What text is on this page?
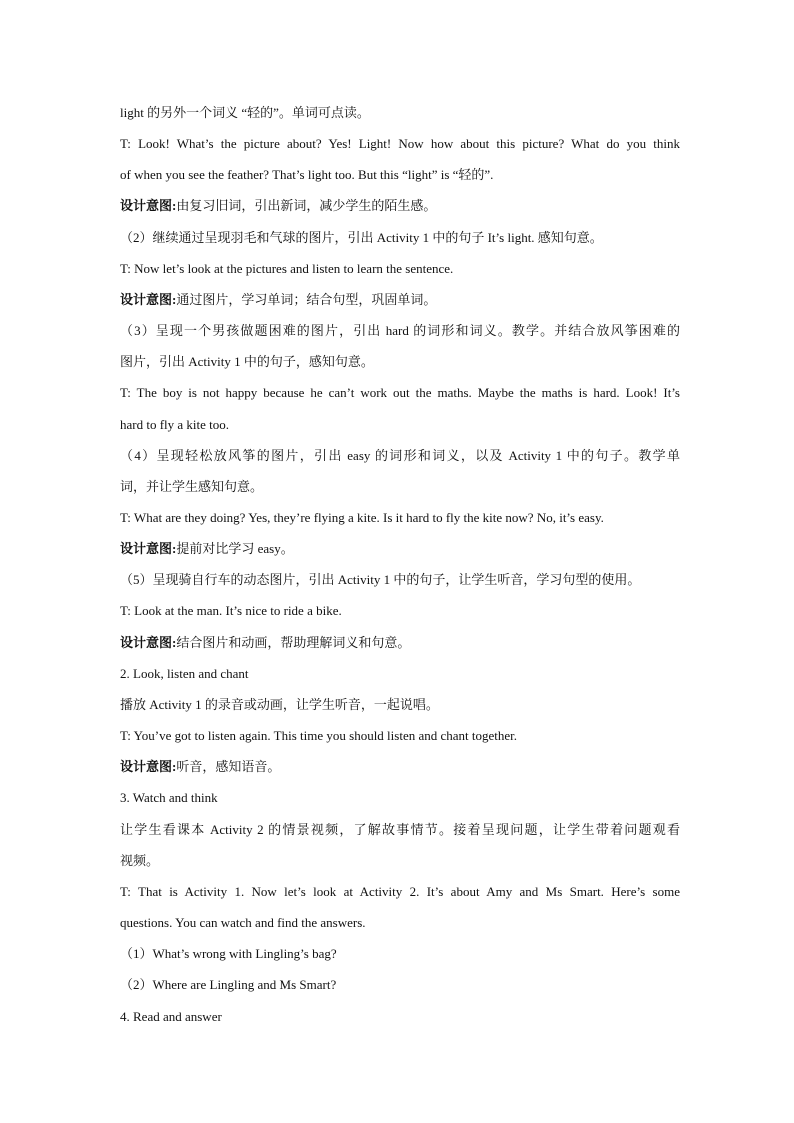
light 的另外一个词义 “轻的”。单词可点读。
T: Look! What’s the picture about? Yes! Light! Now how about this picture? What do you think
of when you see the feather? That’s light too. But this “light” is “轻的”.
设计意图:由复习旧词，引出新词，减少学生的陌生感。
（2）继续通过呈现羽毛和气球的图片，引出 Activity 1 中的句子 It’s light. 感知句意。
T: Now let’s look at the pictures and listen to learn the sentence.
设计意图:通过图片，学习单词；结合句型，巩固单词。
（3）呈现一个男孩做题困难的图片，引出 hard 的词形和词义。教学。并结合放风筝困难的
图片，引出 Activity 1 中的句子，感知句意。
T: The boy is not happy because he can’t work out the maths. Maybe the maths is hard. Look! It’s
hard to fly a kite too.
（4）呈现轻松放风筝的图片，引出 easy 的词形和词义，以及 Activity 1 中的句子。教学单
词，并让学生感知句意。
T: What are they doing? Yes, they’re flying a kite. Is it hard to fly the kite now? No, it’s easy.
设计意图:提前对比学习 easy。
（5）呈现骑自行车的动态图片，引出 Activity 1 中的句子，让学生听音，学习句型的使用。
T: Look at the man. It’s nice to ride a bike.
设计意图:结合图片和动画，帮助理解词义和句意。
2. Look, listen and chant
播放 Activity 1 的录音或动画，让学生听音，一起说唱。
T: You’ve got to listen again. This time you should listen and chant together.
设计意图:听音，感知语音。
3. Watch and think
让学生看课本 Activity 2 的情景视频，了解故事情节。接着呈现问题，让学生带着问题观看
视频。
T: That is Activity 1. Now let’s look at Activity 2. It’s about Amy and Ms Smart. Here’s some
questions. You can watch and find the answers.
（1）What’s wrong with Lingling’s bag?
（2）Where are Lingling and Ms Smart?
4. Read and answer
